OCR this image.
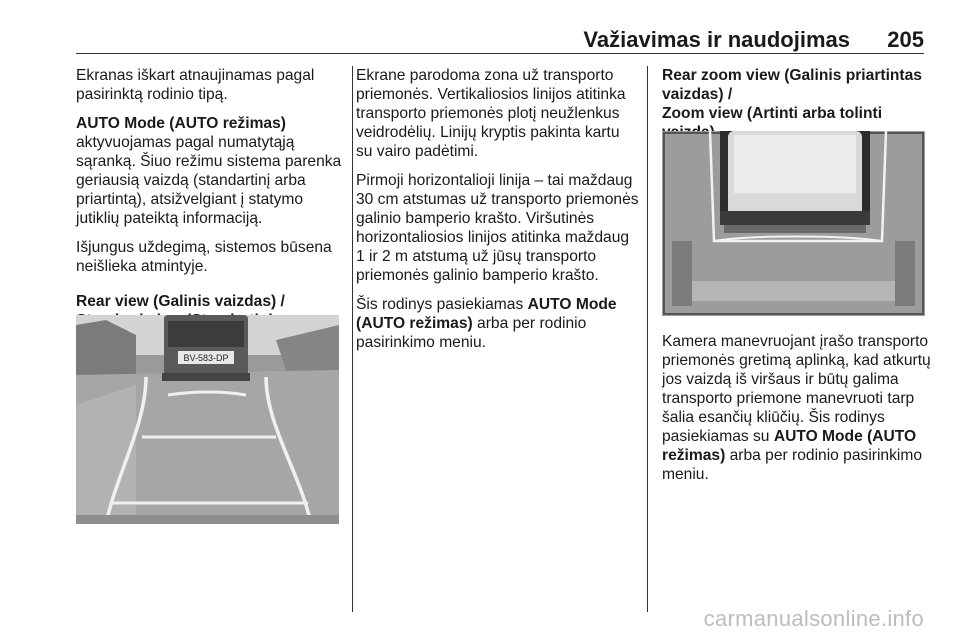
Važiavimas ir naudojimas 205

Ekranas iškart atnaujinamas pagal pasirinktą rodinio tipą.

AUTO Mode (AUTO režimas)

aktyvuojamas pagal numatytąją sąranką. Šiuo režimu sistema parenka geriausią vaizdą (standartinį arba priartintą), atsižvelgiant į statymo jutiklių pateiktą informaciją.

Išjungus uždegimą, sistemos būsena neišlieka atmintyje.

Rear view (Galinis vaizdas) /

BV-583-DP

Ekrane parodoma zona už transporto priemonės. Vertikaliosios linijos atitinka transporto priemonės plotį neužlenkus veidrodėlių. Linijų kryptis pakinta kartu su vairo padėtimi.

Pirmoji horizontalioji linija – tai maždaug 30 cm atstumas už transporto priemonės galinio bamperio krašto. Viršutinės horizontaliosios linijos atitinka maždaug 1 ir 2 m atstumą už jūsų transporto priemonės galinio bamperio krašto.

Šis rodinys pasiekiamas AUTO Mode (AUTO režimas) arba per rodinio pasirinkimo meniu.

Rear zoom view (Galinis priartintas vaizdas) /
Zoom view (Artinti arba tolinti

Kamera manevruojant įrašo transporto priemonės gretimą aplinką, kad atkurtų jos vaizdą iš viršaus ir būtų galima transporto priemone manevruoti tarp šalia esančių kliūčių. Šis rodinys pasiekiamas su AUTO Mode (AUTO režimas) arba per rodinio pasirinkimo meniu.

carmanualsonline.info
